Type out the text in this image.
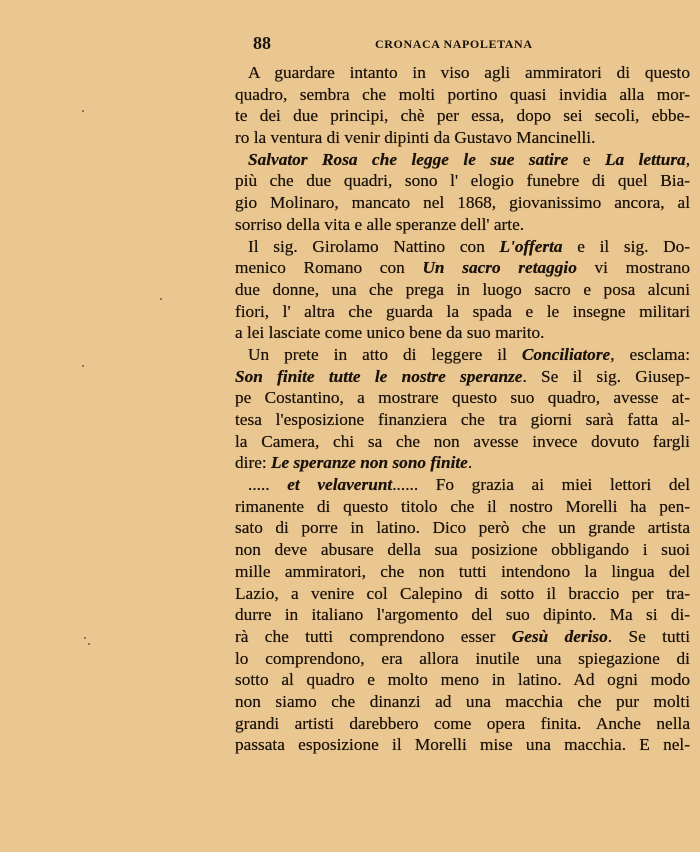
88	CRONACA NAPOLETANA
A guardare intanto in viso agli ammiratori di questo
quadro, sembra che molti portino quasi invidia alla mor-
te dei due principi, chè per essa, dopo sei secoli, ebbe-
ro la ventura di venir dipinti da Gustavo Mancinelli.
Salvator Rosa che legge le sue satire e La lettura,
più che due quadri, sono l' elogio funebre di quel Bia-
gio Molinaro, mancato nel 1868, giovanissimo ancora, al
sorriso della vita e alle speranze dell' arte.
Il sig. Girolamo Nattino con L'offerta e il sig. Do-
menico Romano con Un sacro retaggio vi mostrano
due donne, una che prega in luogo sacro e posa alcuni
fiori, l' altra che guarda la spada e le insegne militari
a lei lasciate come unico bene da suo marito.
Un prete in atto di leggere il Conciliatore, esclama:
Son finite tutte le nostre speranze. Se il sig. Giusep-
pe Costantino, a mostrare questo suo quadro, avesse at-
tesa l'esposizione finanziera che tra giorni sarà fatta al-
la Camera, chi sa che non avesse invece dovuto fargli
dire: Le speranze non sono finite.
..... et velaverunt...... Fo grazia ai miei lettori del
rimanente di questo titolo che il nostro Morelli ha pen-
sato di porre in latino. Dico però che un grande artista
non deve abusare della sua posizione obbligando i suoi
mille ammiratori, che non tutti intendono la lingua del
Lazio, a venire col Calepino di sotto il braccio per tra-
durre in italiano l'argomento del suo dipinto. Ma si di-
rà che tutti comprendono esser Gesù deriso. Se tutti
lo comprendono, era allora inutile una spiegazione di
sotto al quadro e molto meno in latino. Ad ogni modo
non siamo che dinanzi ad una macchia che pur molti
grandi artisti darebbero come opera finita. Anche nella
passata esposizione il Morelli mise una macchia. E nel-
